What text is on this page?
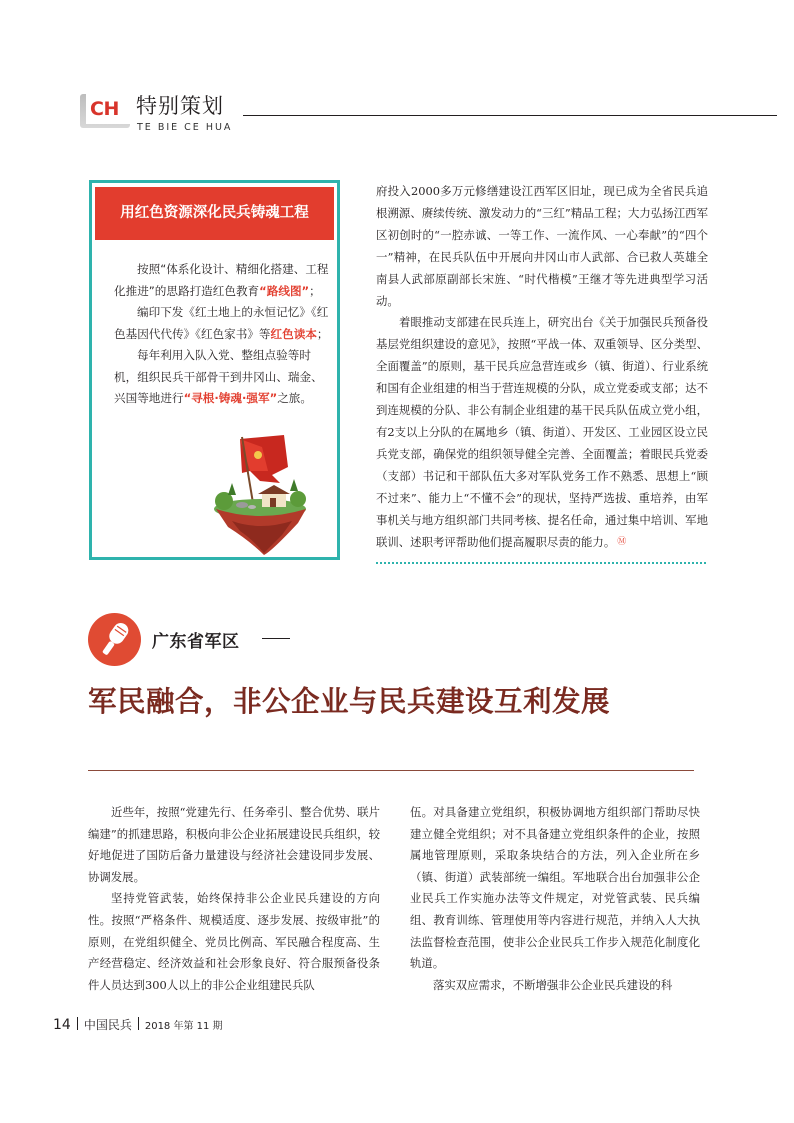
CH 特别策划
TE BIE CE HUA
用红色资源深化民兵铸魂工程

按照“体系化设计、精细化搭建、工程化推进”的思路打造红色教育“路线图”；

编印下发《红土地上的永恒记忆》《红色基因代代传》《红色家书》等红色读本；

每年利用入队入党、整组点验等时机，组织民兵干部骨干到井冈山、瑞金、兴国等地进行“寻根·铸魂·强军”之旅。

府投入2000多万元修缮建设江西军区旧址，现已成为全省民兵追根溯源、赓续传统、激发动力的“三红”精品工程；大力弘扬江西军区初创时的“一腔赤诚、一等工作、一流作风、一心奉献”的“四个一”精神，在民兵队伍中开展向井冈山市人武部、合已救人英雄全南县人武部原副部长宋旌、“时代楷模”王继才等先进典型学习活动。

着眼推动支部建在民兵连上，研究出台《关于加强民兵预备役基层党组织建设的意见》，按照“平战一体、双重领导、区分类型、全面覆盖”的原则，基干民兵应急营连或乡（镇、街道）、行业系统和国有企业组建的相当于营连规模的分队，成立党委或支部；达不到连规模的分队、非公有制企业组建的基干民兵队伍成立党小组，有2支以上分队的在属地乡（镇、街道）、开发区、工业园区设立民兵党支部，确保党的组织领导健全完善、全面覆盖；着眼民兵党委（支部）书记和干部队伍大多对军队党务工作不熟悉、思想上“顾不过来”、能力上“不懂不会”的现状，坚持严选拔、重培养，由军事机关与地方组织部门共同考核、提名任命，通过集中培训、军地联训、述职考评帮助他们提高履职尽责的能力。 Ⓜ

广东省军区
军民融合，非公企业与民兵建设互利发展

近些年，按照“党建先行、任务牵引、整合优势、联片编建”的抓建思路，积极向非公企业拓展建设民兵组织，较好地促进了国防后备力量建设与经济社会建设同步发展、协调发展。

坚持党管武装，始终保持非公企业民兵建设的方向性。按照“严格条件、规模适度、逐步发展、按级审批”的原则，在党组织健全、党员比例高、军民融合程度高、生产经营稳定、经济效益和社会形象良好、符合服预备役条件人员达到300人以上的非公企业组建民兵队

伍。对具备建立党组织，积极协调地方组织部门帮助尽快建立健全党组织；对不具备建立党组织条件的企业，按照属地管理原则，采取条块结合的方法，列入企业所在乡（镇、街道）武装部统一编组。军地联合出台加强非公企业民兵工作实施办法等文件规定，对党管武装、民兵编组、教育训练、管理使用等内容进行规范，并纳入人大执法监督检查范围，使非公企业民兵工作步入规范化制度化轨道。

落实双应需求，不断增强非公企业民兵建设的科

14 中国民兵 2018 年第 11 期
